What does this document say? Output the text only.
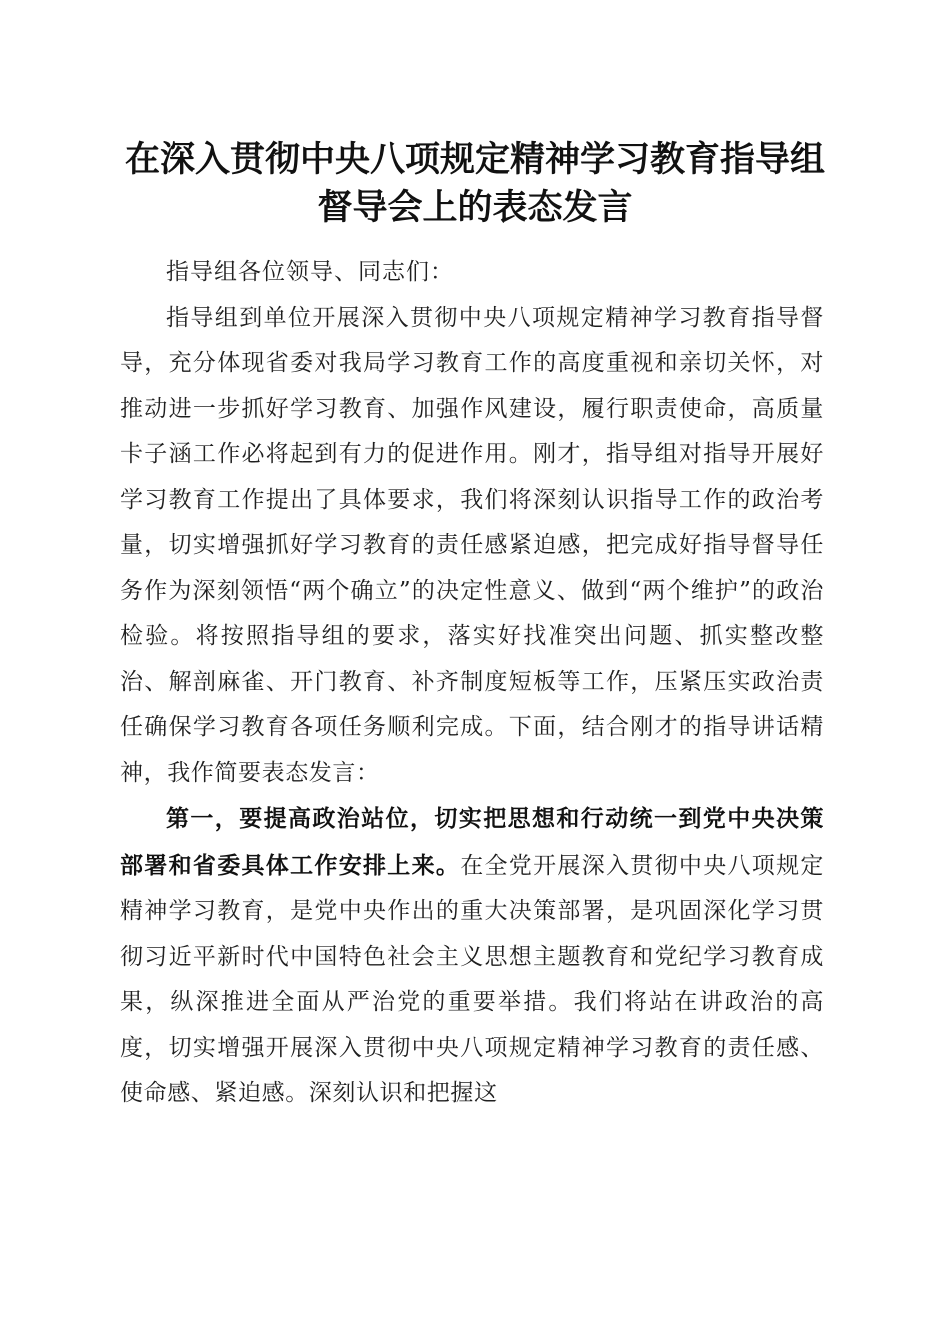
在深入贯彻中央八项规定精神学习教育指导组
督导会上的表态发言

指导组各位领导、同志们：

指导组到单位开展深入贯彻中央八项规定精神学习教育指导督导，充分体现省委对我局学习教育工作的高度重视和亲切关怀，对推动进一步抓好学习教育、加强作风建设，履行职责使命，高质量卡子涵工作必将起到有力的促进作用。刚才，指导组对指导开展好学习教育工作提出了具体要求，我们将深刻认识指导工作的政治考量，切实增强抓好学习教育的责任感紧迫感，把完成好指导督导任务作为深刻领悟“两个确立”的决定性意义、做到“两个维护”的政治检验。将按照指导组的要求，落实好找准突出问题、抓实整改整治、解剖麻雀、开门教育、补齐制度短板等工作，压紧压实政治责任确保学习教育各项任务顺利完成。下面，结合刚才的指导讲话精神，我作简要表态发言：

第一，要提高政治站位，切实把思想和行动统一到党中央决策部署和省委具体工作安排上来。在全党开展深入贯彻中央八项规定精神学习教育，是党中央作出的重大决策部署，是巩固深化学习贯彻习近平新时代中国特色社会主义思想主题教育和党纪学习教育成果，纵深推进全面从严治党的重要举措。我们将站在讲政治的高度，切实增强开展深入贯彻中央八项规定精神学习教育的责任感、使命感、紧迫感。深刻认识和把握这
